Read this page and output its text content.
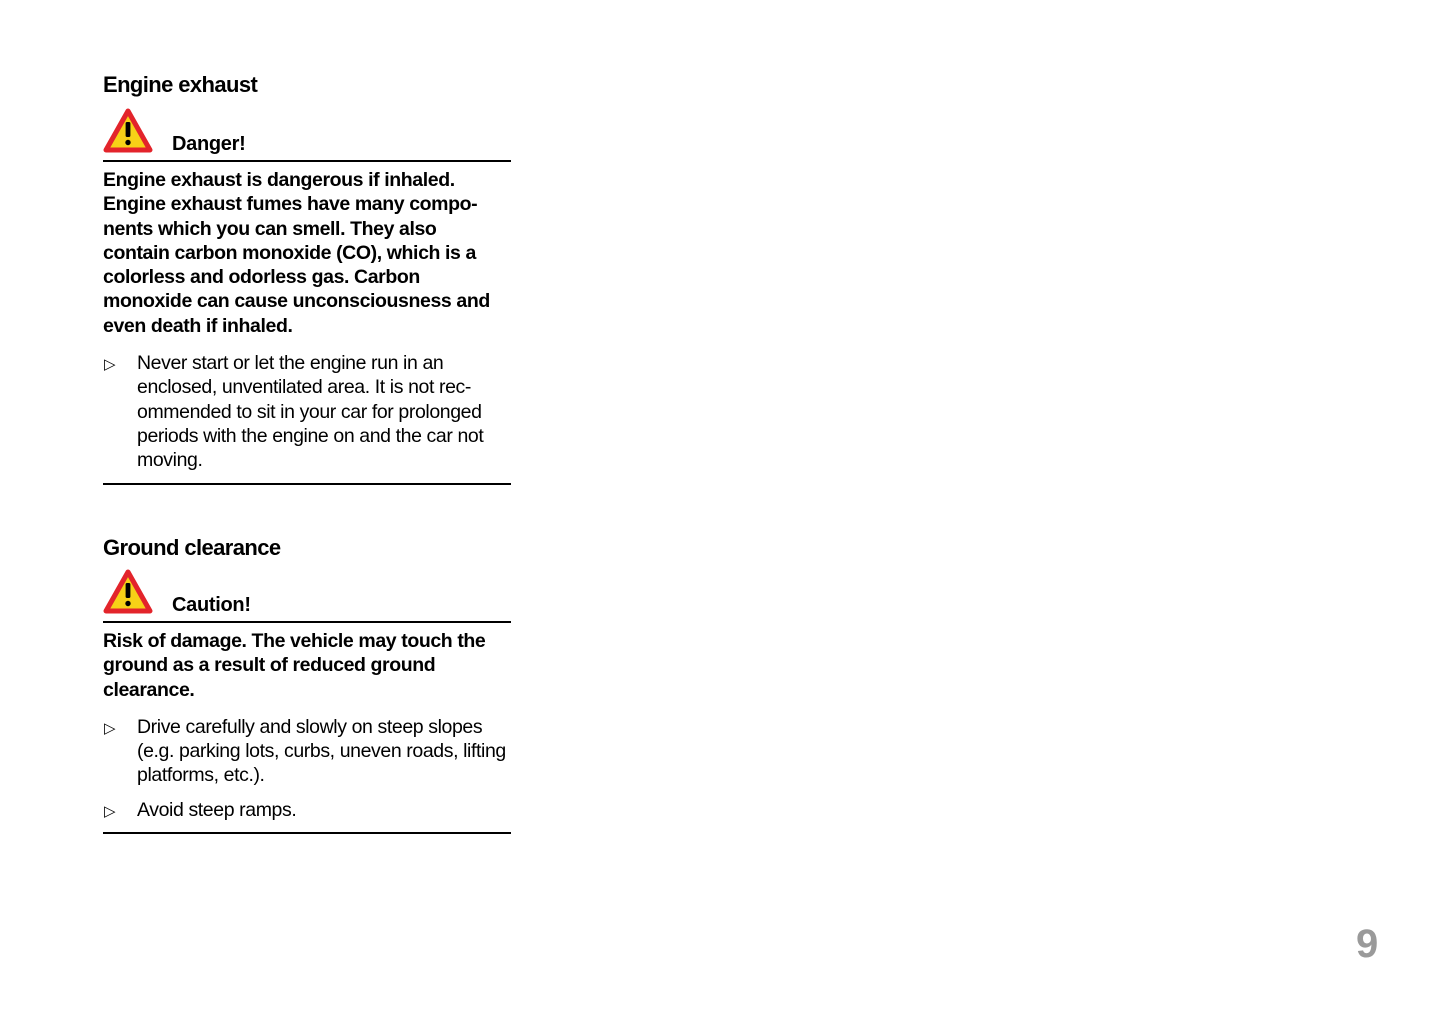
Engine exhaust
Danger!

Engine exhaust is dangerous if inhaled. Engine exhaust fumes have many compo-nents which you can smell. They also contain carbon monoxide (CO), which is a colorless and odorless gas. Carbon monoxide can cause unconsciousness and even death if inhaled.

▷ Never start or let the engine run in an enclosed, unventilated area. It is not rec-ommended to sit in your car for prolonged periods with the engine on and the car not moving.
Ground clearance
Caution!

Risk of damage. The vehicle may touch the ground as a result of reduced ground clearance.

▷ Drive carefully and slowly on steep slopes (e.g. parking lots, curbs, uneven roads, lifting platforms, etc.).
▷ Avoid steep ramps.
9
